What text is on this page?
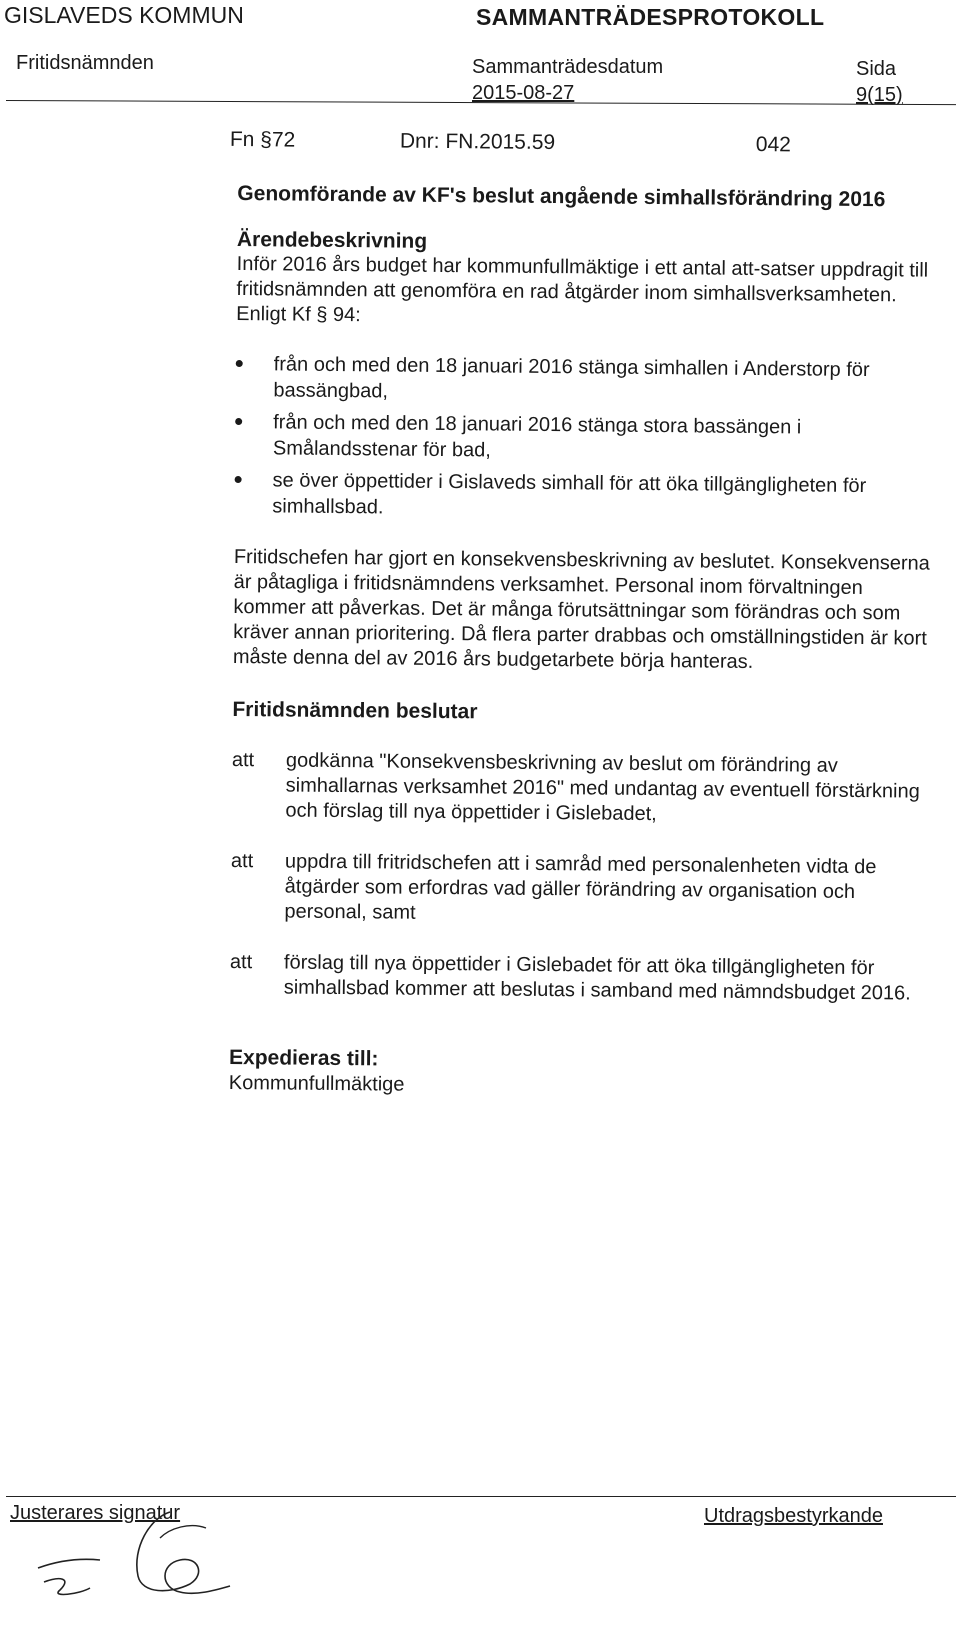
GISLAVEDS KOMMUN	SAMMANTRÄDESPROTOKOLL
Fritidsnämnden	Sammanträdesdatum
2015-08-27
Sida
9(15)
Fn §72	Dnr: FN.2015.59	042
Genomförande av KF's beslut angående simhallsförändring 2016
Ärendebeskrivning

Inför 2016 års budget har kommunfullmäktige i ett antal att-satser uppdragit till fritidsnämnden att genomföra en rad åtgärder inom simhallsverksamheten. Enligt Kf § 94:

från och med den 18 januari 2016 stänga simhallen i Anderstorp för bassängbad,
från och med den 18 januari 2016 stänga stora bassängen i Smålandsstenar för bad,
se över öppettider i Gislaveds simhall för att öka tillgängligheten för simhallsbad.

Fritidschefen har gjort en konsekvensbeskrivning av beslutet. Konsekvenserna är påtagliga i fritidsnämndens verksamhet. Personal inom förvaltningen kommer att påverkas. Det är många förutsättningar som förändras och som kräver annan prioritering. Då flera parter drabbas och omställningstiden är kort måste denna del av 2016 års budgetarbete börja hanteras.

Fritidsnämnden beslutar
att godkänna "Konsekvensbeskrivning av beslut om förändring av simhallarnas verksamhet 2016" med undantag av eventuell förstärkning och förslag till nya öppettider i Gislebadet,
att uppdra till fritridschefen att i samråd med personalenheten vidta de åtgärder som erfordras vad gäller förändring av organisation och personal, samt
att förslag till nya öppettider i Gislebadet för att öka tillgängligheten för simhallsbad kommer att beslutas i samband med nämndsbudget 2016.
Expedieras till:
Kommunfullmäktige
Justerares signatur	Utdragsbestyrkande
